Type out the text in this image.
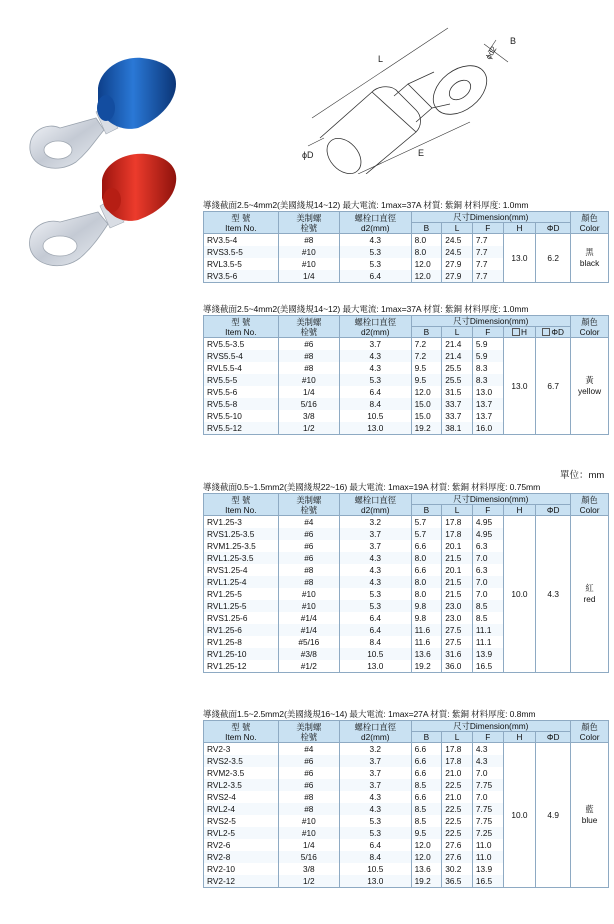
L
B
ϕd2
ϕD	E
導綫截面2.5~4mm2(美國綫規14~12) 最大電流: 1max=37A 材質: 紫銅 材料厚度: 1.0mm
型 號
Item No.	美制螺
栓號	螺栓口直徑
d2(mm)	尺寸Dimension(mm)					顏色
Color
			B	L	F	H	ΦD	
RV3.5-4	#8	4.3	8.0	24.5	7.7	13.0	6.2	黑
black
RVS3.5-5	#10	5.3	8.0	24.5	7.7			
RVL3.5-5	#10	5.3	12.0	27.9	7.7			
RV3.5-6	1/4	6.4	12.0	27.9	7.7			
導綫截面2.5~4mm2(美國綫規14~12) 最大電流: 1max=37A 材質: 紫銅 材料厚度: 1.0mm
型 號
Item No.	美制螺
栓號	螺栓口直徑
d2(mm)	尺寸Dimension(mm)					顏色
Color
			B	L	F	H	ΦD	
RV5.5-3.5	#6	3.7	7.2	21.4	5.9	13.0	6.7	黃
yellow
RVS5.5-4	#8	4.3	7.2	21.4	5.9			
RVL5.5-4	#8	4.3	9.5	25.5	8.3			
RV5.5-5	#10	5.3	9.5	25.5	8.3			
RV5.5-6	1/4	6.4	12.0	31.5	13.0			
RV5.5-8	5/16	8.4	15.0	33.7	13.7			
RV5.5-10	3/8	10.5	15.0	33.7	13.7			
RV5.5-12	1/2	13.0	19.2	38.1	16.0			
單位：mm
導綫截面0.5~1.5mm2(美國綫規22~16) 最大電流: 1max=19A 材質: 紫銅 材料厚度: 0.75mm
型 號
Item No.	美制螺
栓號	螺栓口直徑
d2(mm)	尺寸Dimension(mm)					顏色
Color
			B	L	F	H	ΦD	
RV1.25-3	#4	3.2	5.7	17.8	4.95	10.0	4.3	紅
red
RVS1.25-3.5	#6	3.7	5.7	17.8	4.95			
RVM1.25-3.5	#6	3.7	6.6	20.1	6.3			
RVL1.25-3.5	#6	4.3	8.0	21.5	7.0			
RVS1.25-4	#8	4.3	6.6	20.1	6.3			
RVL1.25-4	#8	4.3	8.0	21.5	7.0			
RV1.25-5	#10	5.3	8.0	21.5	7.0			
RVL1.25-5	#10	5.3	9.8	23.0	8.5			
RVS1.25-6	#1/4	6.4	9.8	23.0	8.5			
RV1.25-6	#1/4	6.4	11.6	27.5	11.1			
RV1.25-8	#5/16	8.4	11.6	27.5	11.1			
RV1.25-10	#3/8	10.5	13.6	31.6	13.9			
RV1.25-12	#1/2	13.0	19.2	36.0	16.5			
導綫截面1.5~2.5mm2(美國綫規16~14) 最大電流: 1max=27A 材質: 紫銅 材料厚度: 0.8mm
型 號
Item No.	美制螺
栓號	螺栓口直徑
d2(mm)	尺寸Dimension(mm)					顏色
Color
			B	L	F	H	ΦD	
RV2-3	#4	3.2	6.6	17.8	4.3	10.0	4.9	藍
blue
RVS2-3.5	#6	3.7	6.6	17.8	4.3			
RVM2-3.5	#6	3.7	6.6	21.0	7.0			
RVL2-3.5	#6	3.7	8.5	22.5	7.75			
RVS2-4	#8	4.3	6.6	21.0	7.0			
RVL2-4	#8	4.3	8.5	22.5	7.75			
RVS2-5	#10	5.3	8.5	22.5	7.75			
RVL2-5	#10	5.3	9.5	22.5	7.25			
RV2-6	1/4	6.4	12.0	27.6	11.0			
RV2-8	5/16	8.4	12.0	27.6	11.0			
RV2-10	3/8	10.5	13.6	30.2	13.9			
RV2-12	1/2	13.0	19.2	36.5	16.5			
